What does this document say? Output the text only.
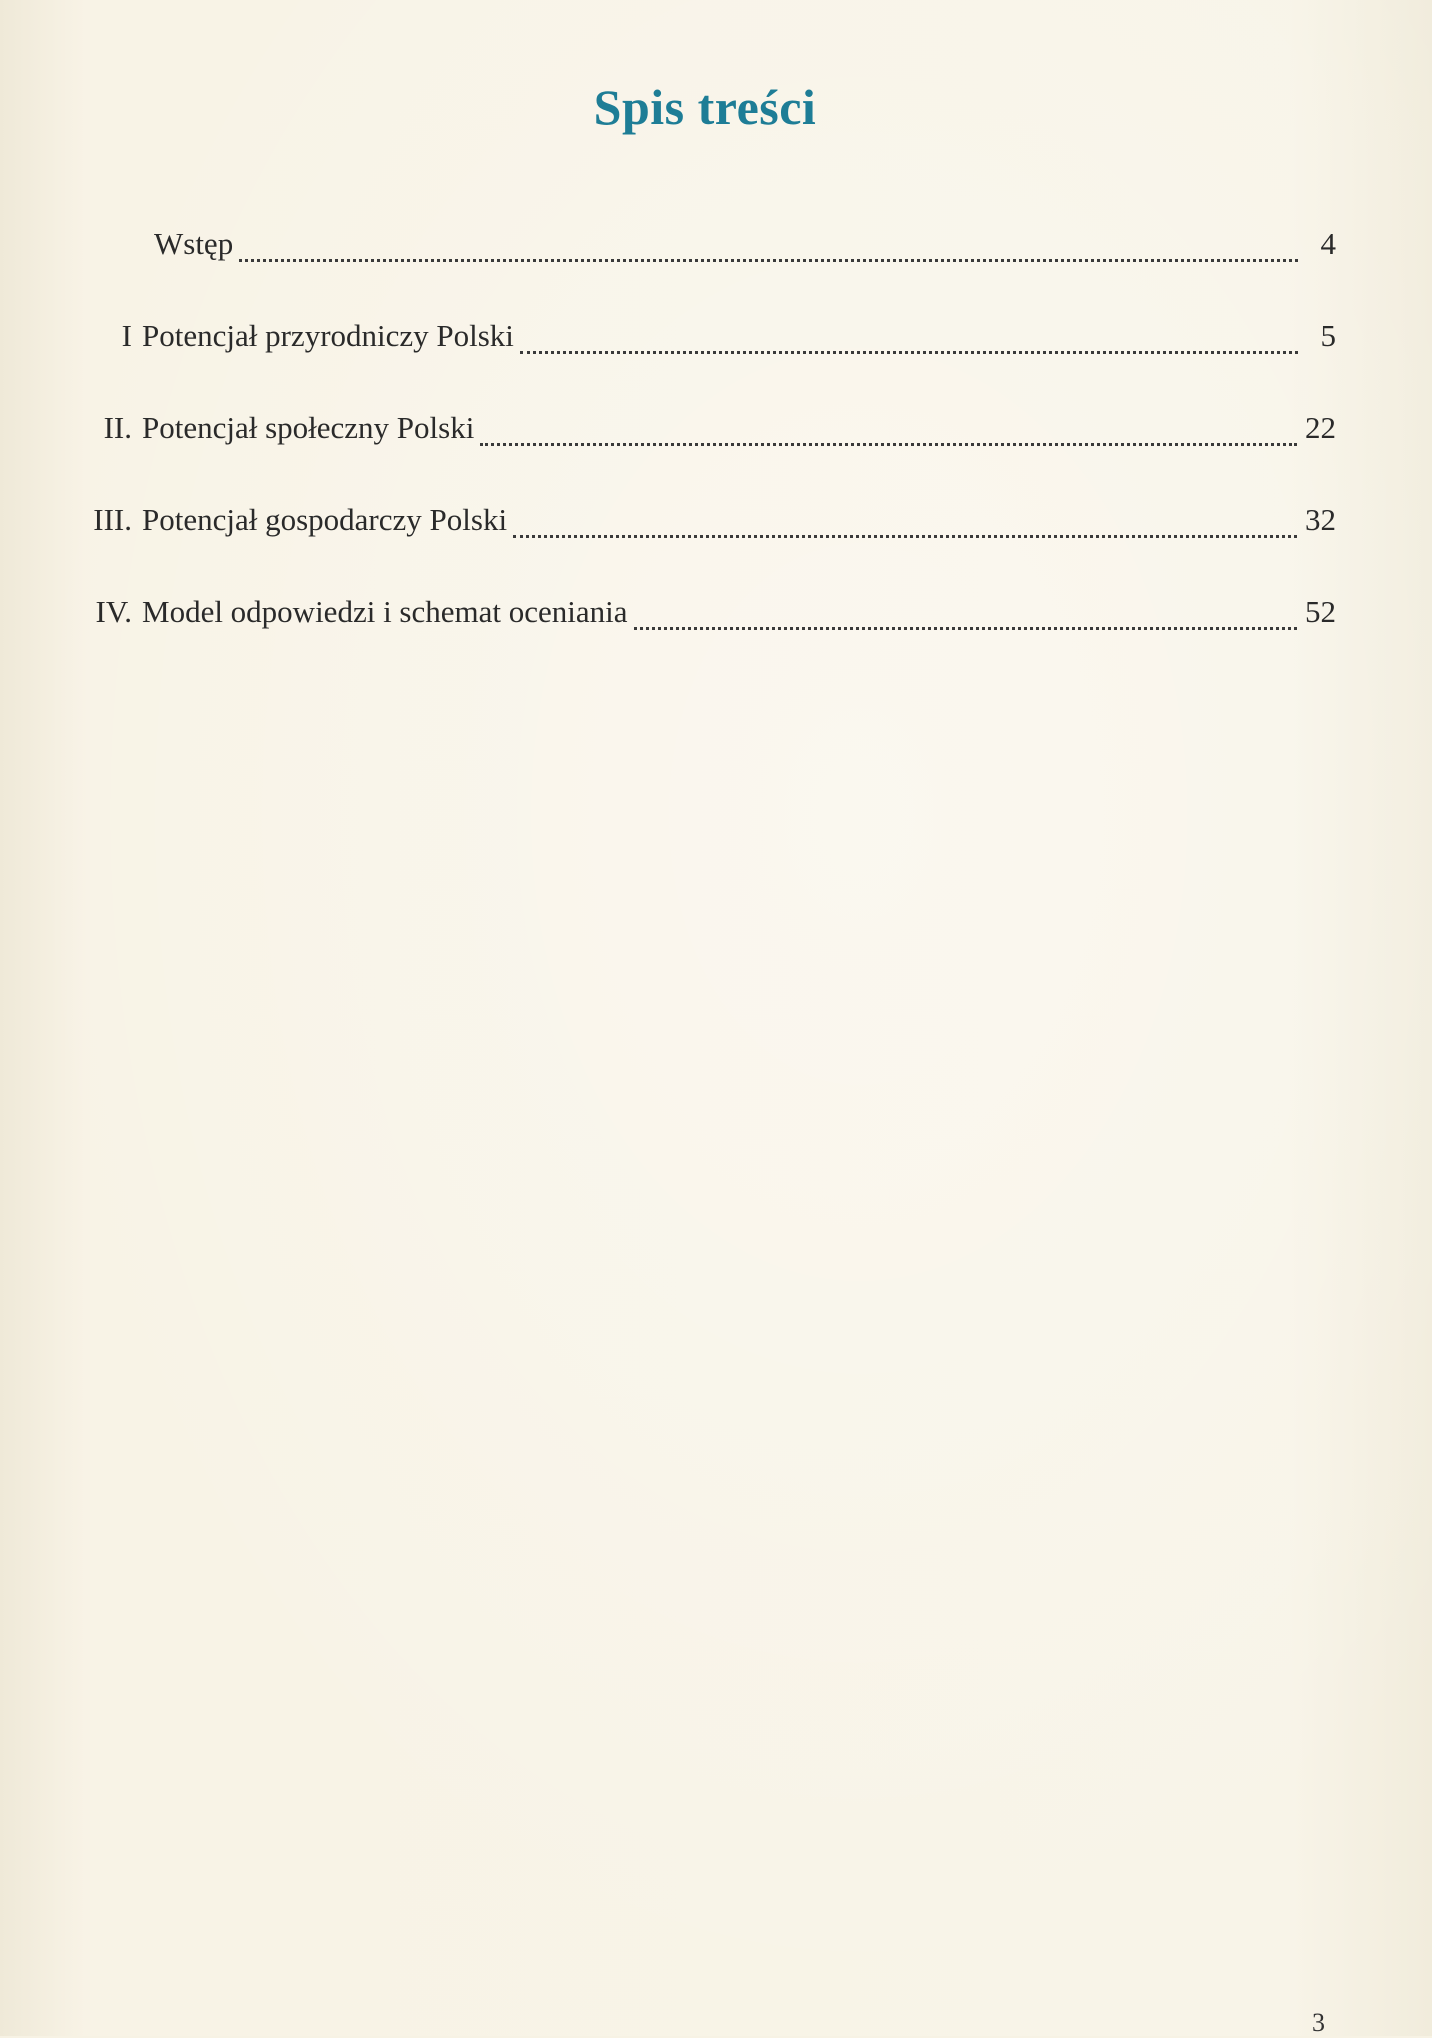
Spis treści
Wstęp	4
I Potencjał przyrodniczy Polski	5
II. Potencjał społeczny Polski	22
III. Potencjał gospodarczy Polski	32
IV. Model odpowiedzi i schemat oceniania	52
3
